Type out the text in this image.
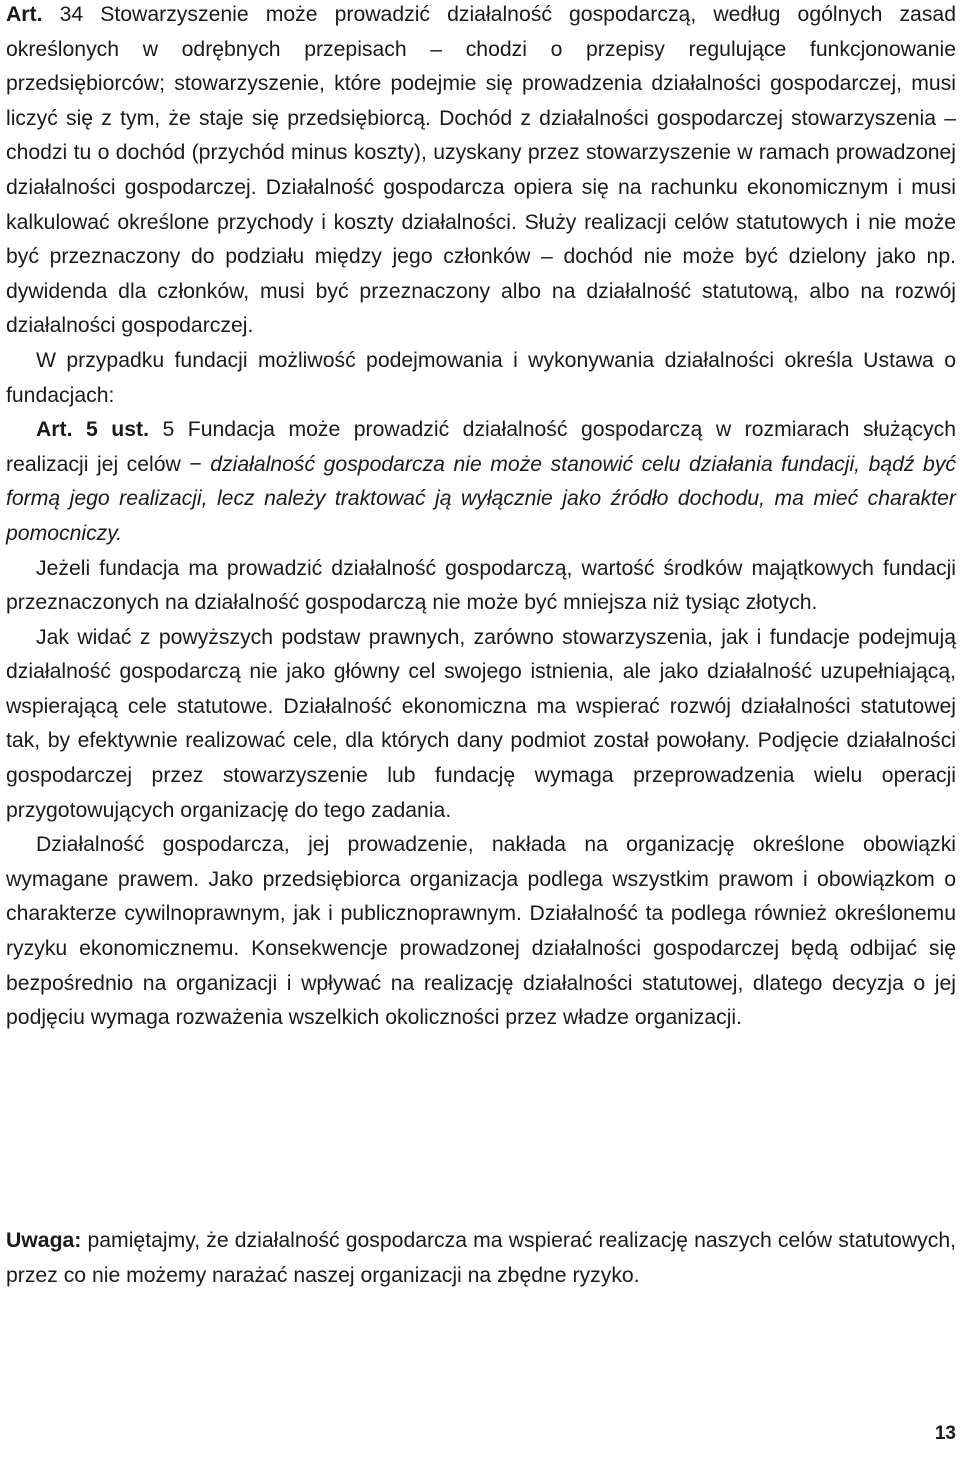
Art. 34 Stowarzyszenie może prowadzić działalność gospodarczą, według ogólnych zasad określonych w odrębnych przepisach – chodzi o przepisy regulujące funkcjonowanie przedsiębiorców; stowarzyszenie, które podejmie się prowadzenia działalności gospodarczej, musi liczyć się z tym, że staje się przedsiębiorcą. Dochód z działalności gospodarczej stowarzyszenia – chodzi tu o dochód (przychód minus koszty), uzyskany przez stowarzyszenie w ramach prowadzonej działalności gospodarczej. Działalność gospodarcza opiera się na rachunku ekonomicznym i musi kalkulować określone przychody i koszty działalności. Służy realizacji celów statutowych i nie może być przeznaczony do podziału między jego członków – dochód nie może być dzielony jako np. dywidenda dla członków, musi być przeznaczony albo na działalność statutową, albo na rozwój działalności gospodarczej.

W przypadku fundacji możliwość podejmowania i wykonywania działalności określa Ustawa o fundacjach:

Art. 5 ust. 5 Fundacja może prowadzić działalność gospodarczą w rozmiarach służących realizacji jej celów − działalność gospodarcza nie może stanowić celu działania fundacji, bądź być formą jego realizacji, lecz należy traktować ją wyłącznie jako źródło dochodu, ma mieć charakter pomocniczy.

Jeżeli fundacja ma prowadzić działalność gospodarczą, wartość środków majątkowych fundacji przeznaczonych na działalność gospodarczą nie może być mniejsza niż tysiąc złotych.

Jak widać z powyższych podstaw prawnych, zarówno stowarzyszenia, jak i fundacje podejmują działalność gospodarczą nie jako główny cel swojego istnienia, ale jako działalność uzupełniającą, wspierającą cele statutowe. Działalność ekonomiczna ma wspierać rozwój działalności statutowej tak, by efektywnie realizować cele, dla których dany podmiot został powołany. Podjęcie działalności gospodarczej przez stowarzyszenie lub fundację wymaga przeprowadzenia wielu operacji przygotowujących organizację do tego zadania.

Działalność gospodarcza, jej prowadzenie, nakłada na organizację określone obowiązki wymagane prawem. Jako przedsiębiorca organizacja podlega wszystkim prawom i obowiązkom o charakterze cywilnoprawnym, jak i publicznoprawnym. Działalność ta podlega również określonemu ryzyku ekonomicznemu. Konsekwencje prowadzonej działalności gospodarczej będą odbijać się bezpośrednio na organizacji i wpływać na realizację działalności statutowej, dlatego decyzja o jej podjęciu wymaga rozważenia wszelkich okoliczności przez władze organizacji.

Uwaga: pamiętajmy, że działalność gospodarcza ma wspierać realizację naszych celów statutowych, przez co nie możemy narażać naszej organizacji na zbędne ryzyko.

13
